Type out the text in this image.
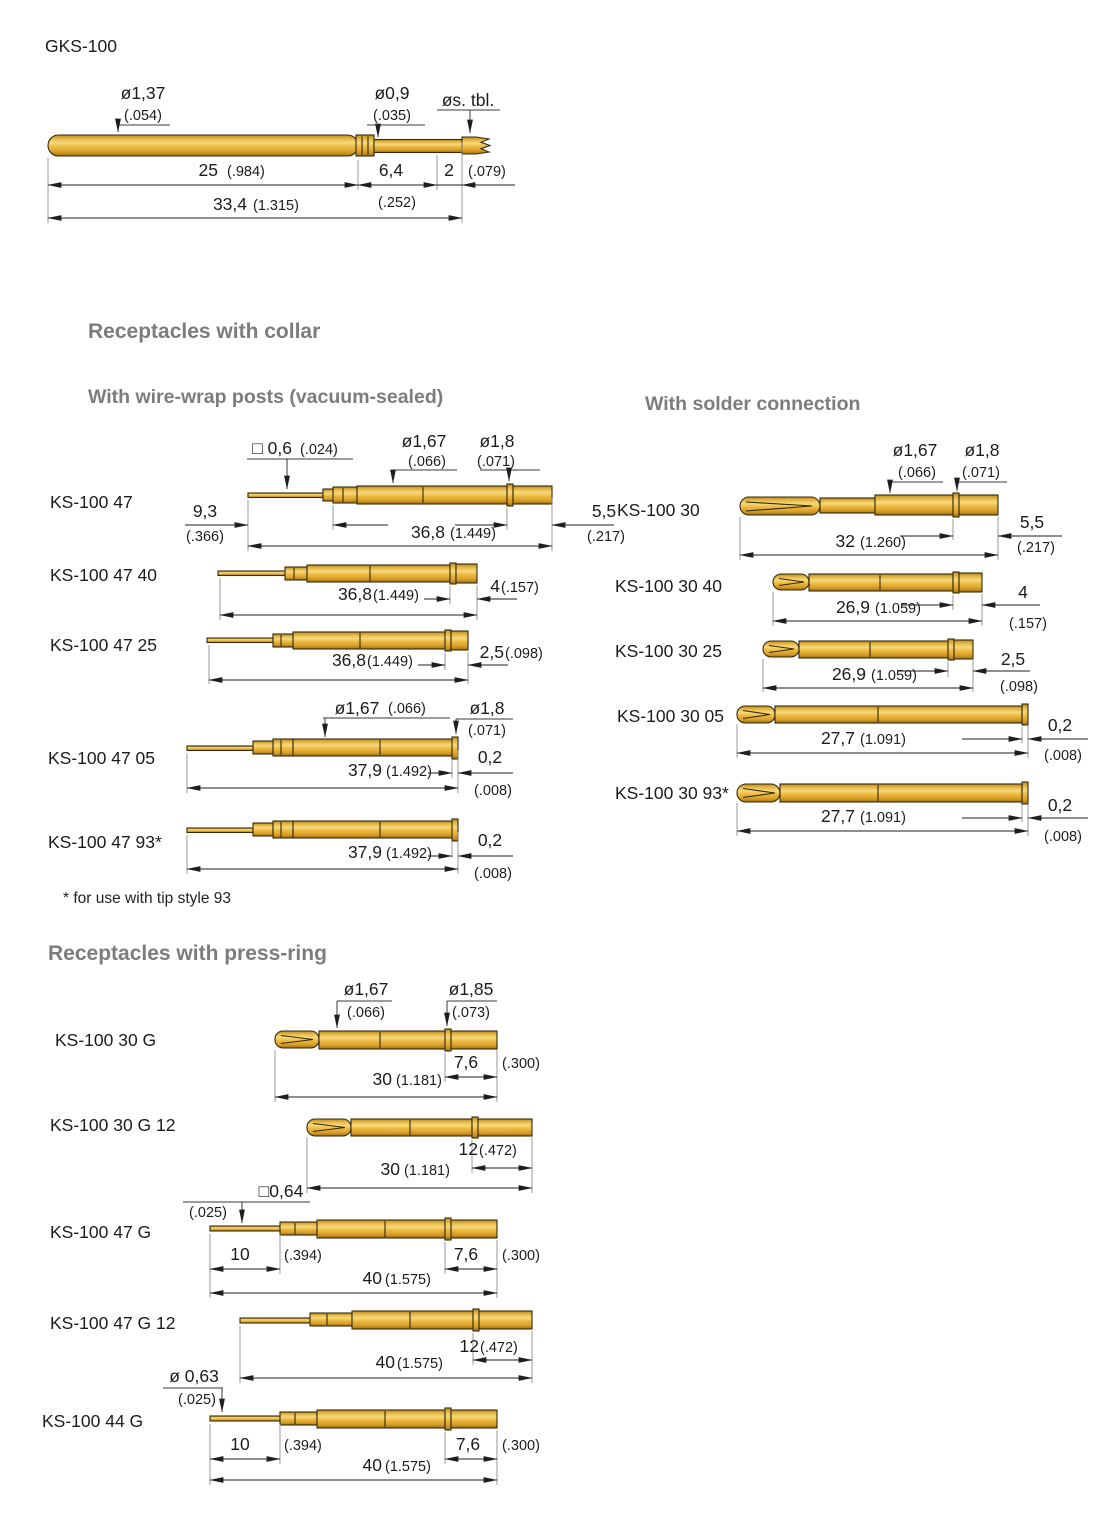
GKS-100
Receptacles with collar
With wire-wrap posts (vacuum-sealed)	With solder connection
* for use with tip style 93
Receptacles with press-ring
KS-100 47
KS-100 47 40
KS-100 47 25
KS-100 47 05
KS-100 47 93*
KS-100 30
KS-100 30 40
KS-100 30 25
KS-100 30 05
KS-100 30 93*
KS-100 30 G
KS-100 30 G 12
KS-100 47 G
KS-100 47 G 12
KS-100 44 G
ø1,37
(.054)
ø0,9
(.035)
øs. tbl.
25 (.984)	6,4
(.252)
2 (.079)
33,4 (1.315)
□ 0,6 (.024)	ø1,67
(.066)
ø1,8
(.071)
9,3
(.366)
5,5
(.217)
36,8 (1.449)
36,8 (1.449)	4 (.157)
36,8 (1.449)	2,5 (.098)
ø1,67 (.066) ø1,8
(.071)
0,2
(.008)
37,9 (1.492)
0,2
(.008)
37,9 (1.492)
ø1,67
(.066)
ø1,8
(.071)
5,5
(.217)
32 (1.260)
4
(.157)
26,9 (1.059)
2,5
(.098)
26,9 (1.059)
0,2
(.008)
27,7 (1.091)
0,2
(.008)
27,7 (1.091)
ø1,67
(.066)
ø1,85
(.073)
7,6 (.300)
30 (1.181)
12 (.472)
30 (1.181)
□0,64
(.025)
10 (.394)	7,6 (.300)
40 (1.575)
12 (.472)
40 (1.575)
ø 0,63
(.025)
10 (.394)	7,6 (.300)
40 (1.575)
